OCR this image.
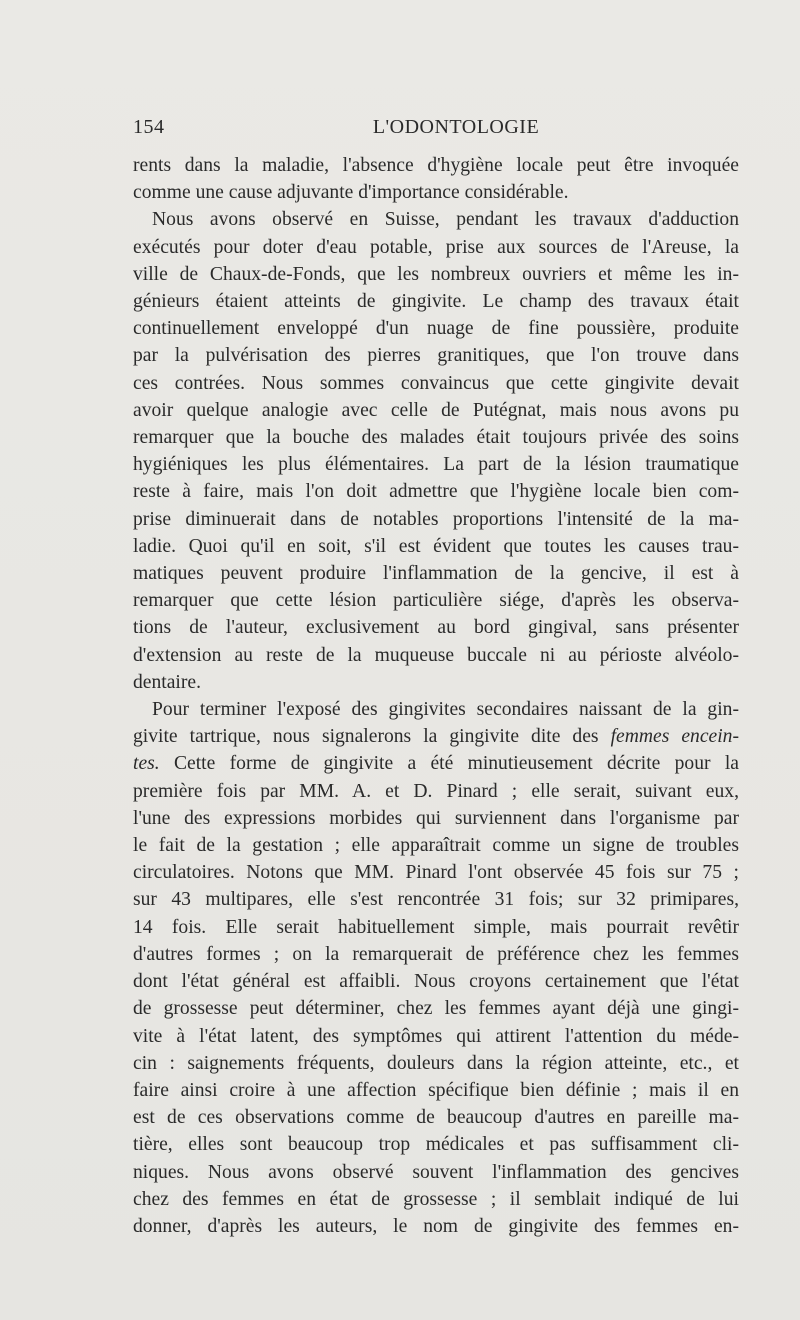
154	L'ODONTOLOGIE

rents dans la maladie, l'absence d'hygiène locale peut être invoquée
comme une cause adjuvante d'importance considérable.

Nous avons observé en Suisse, pendant les travaux d'adduction
exécutés pour doter d'eau potable, prise aux sources de l'Areuse, la
ville de Chaux-de-Fonds, que les nombreux ouvriers et même les in-
génieurs étaient atteints de gingivite. Le champ des travaux était
continuellement enveloppé d'un nuage de fine poussière, produite
par la pulvérisation des pierres granitiques, que l'on trouve dans
ces contrées. Nous sommes convaincus que cette gingivite devait
avoir quelque analogie avec celle de Putégnat, mais nous avons pu
remarquer que la bouche des malades était toujours privée des soins
hygiéniques les plus élémentaires. La part de la lésion traumatique
reste à faire, mais l'on doit admettre que l'hygiène locale bien com-
prise diminuerait dans de notables proportions l'intensité de la ma-
ladie. Quoi qu'il en soit, s'il est évident que toutes les causes trau-
matiques peuvent produire l'inflammation de la gencive, il est à
remarquer que cette lésion particulière siége, d'après les observa-
tions de l'auteur, exclusivement au bord gingival, sans présenter
d'extension au reste de la muqueuse buccale ni au périoste alvéolo-
dentaire.

Pour terminer l'exposé des gingivites secondaires naissant de la gin-
givite tartrique, nous signalerons la gingivite dite des femmes encein-
tes. Cette forme de gingivite a été minutieusement décrite pour la
première fois par MM. A. et D. Pinard ; elle serait, suivant eux,
l'une des expressions morbides qui surviennent dans l'organisme par
le fait de la gestation ; elle apparaîtrait comme un signe de troubles
circulatoires. Notons que MM. Pinard l'ont observée 45 fois sur 75 ;
sur 43 multipares, elle s'est rencontrée 31 fois; sur 32 primipares,
14 fois. Elle serait habituellement simple, mais pourrait revêtir
d'autres formes ; on la remarquerait de préférence chez les femmes
dont l'état général est affaibli. Nous croyons certainement que l'état
de grossesse peut déterminer, chez les femmes ayant déjà une gingi-
vite à l'état latent, des symptômes qui attirent l'attention du méde-
cin : saignements fréquents, douleurs dans la région atteinte, etc., et
faire ainsi croire à une affection spécifique bien définie ; mais il en
est de ces observations comme de beaucoup d'autres en pareille ma-
tière, elles sont beaucoup trop médicales et pas suffisamment cli-
niques. Nous avons observé souvent l'inflammation des gencives
chez des femmes en état de grossesse ; il semblait indiqué de lui
donner, d'après les auteurs, le nom de gingivite des femmes en-
